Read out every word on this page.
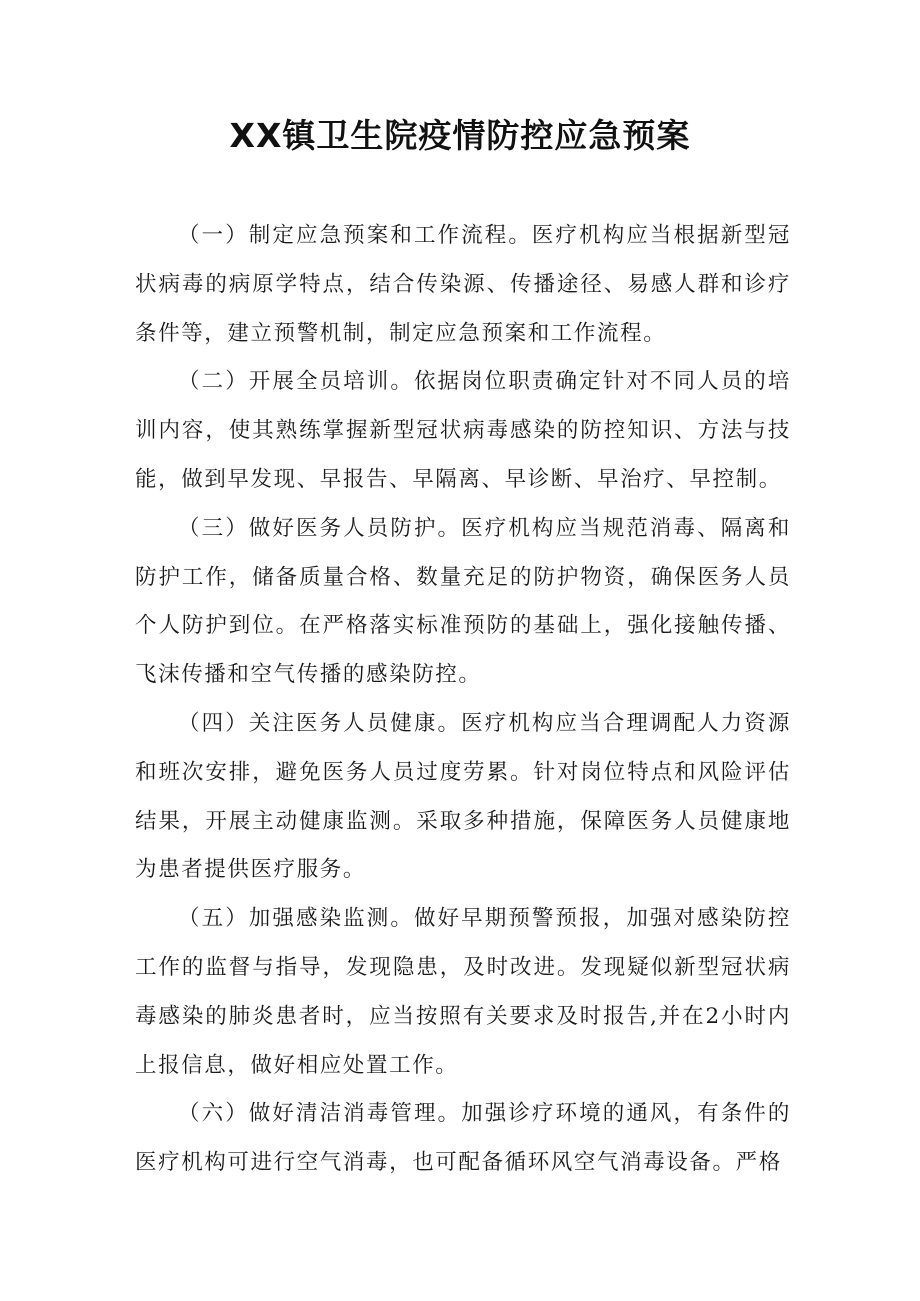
XX镇卫生院疫情防控应急预案

（一）制定应急预案和工作流程。医疗机构应当根据新型冠状病毒的病原学特点，结合传染源、传播途径、易感人群和诊疗条件等，建立预警机制，制定应急预案和工作流程。

（二）开展全员培训。依据岗位职责确定针对不同人员的培训内容，使其熟练掌握新型冠状病毒感染的防控知识、方法与技能，做到早发现、早报告、早隔离、早诊断、早治疗、早控制。

（三）做好医务人员防护。医疗机构应当规范消毒、隔离和防护工作，储备质量合格、数量充足的防护物资，确保医务人员个人防护到位。在严格落实标准预防的基础上，强化接触传播、飞沫传播和空气传播的感染防控。

（四）关注医务人员健康。医疗机构应当合理调配人力资源和班次安排，避免医务人员过度劳累。针对岗位特点和风险评估结果，开展主动健康监测。采取多种措施，保障医务人员健康地为患者提供医疗服务。

（五）加强感染监测。做好早期预警预报，加强对感染防控工作的监督与指导，发现隐患，及时改进。发现疑似新型冠状病毒感染的肺炎患者时，应当按照有关要求及时报告,并在2小时内上报信息，做好相应处置工作。

（六）做好清洁消毒管理。加强诊疗环境的通风，有条件的医疗机构可进行空气消毒，也可配备循环风空气消毒设备。严格
